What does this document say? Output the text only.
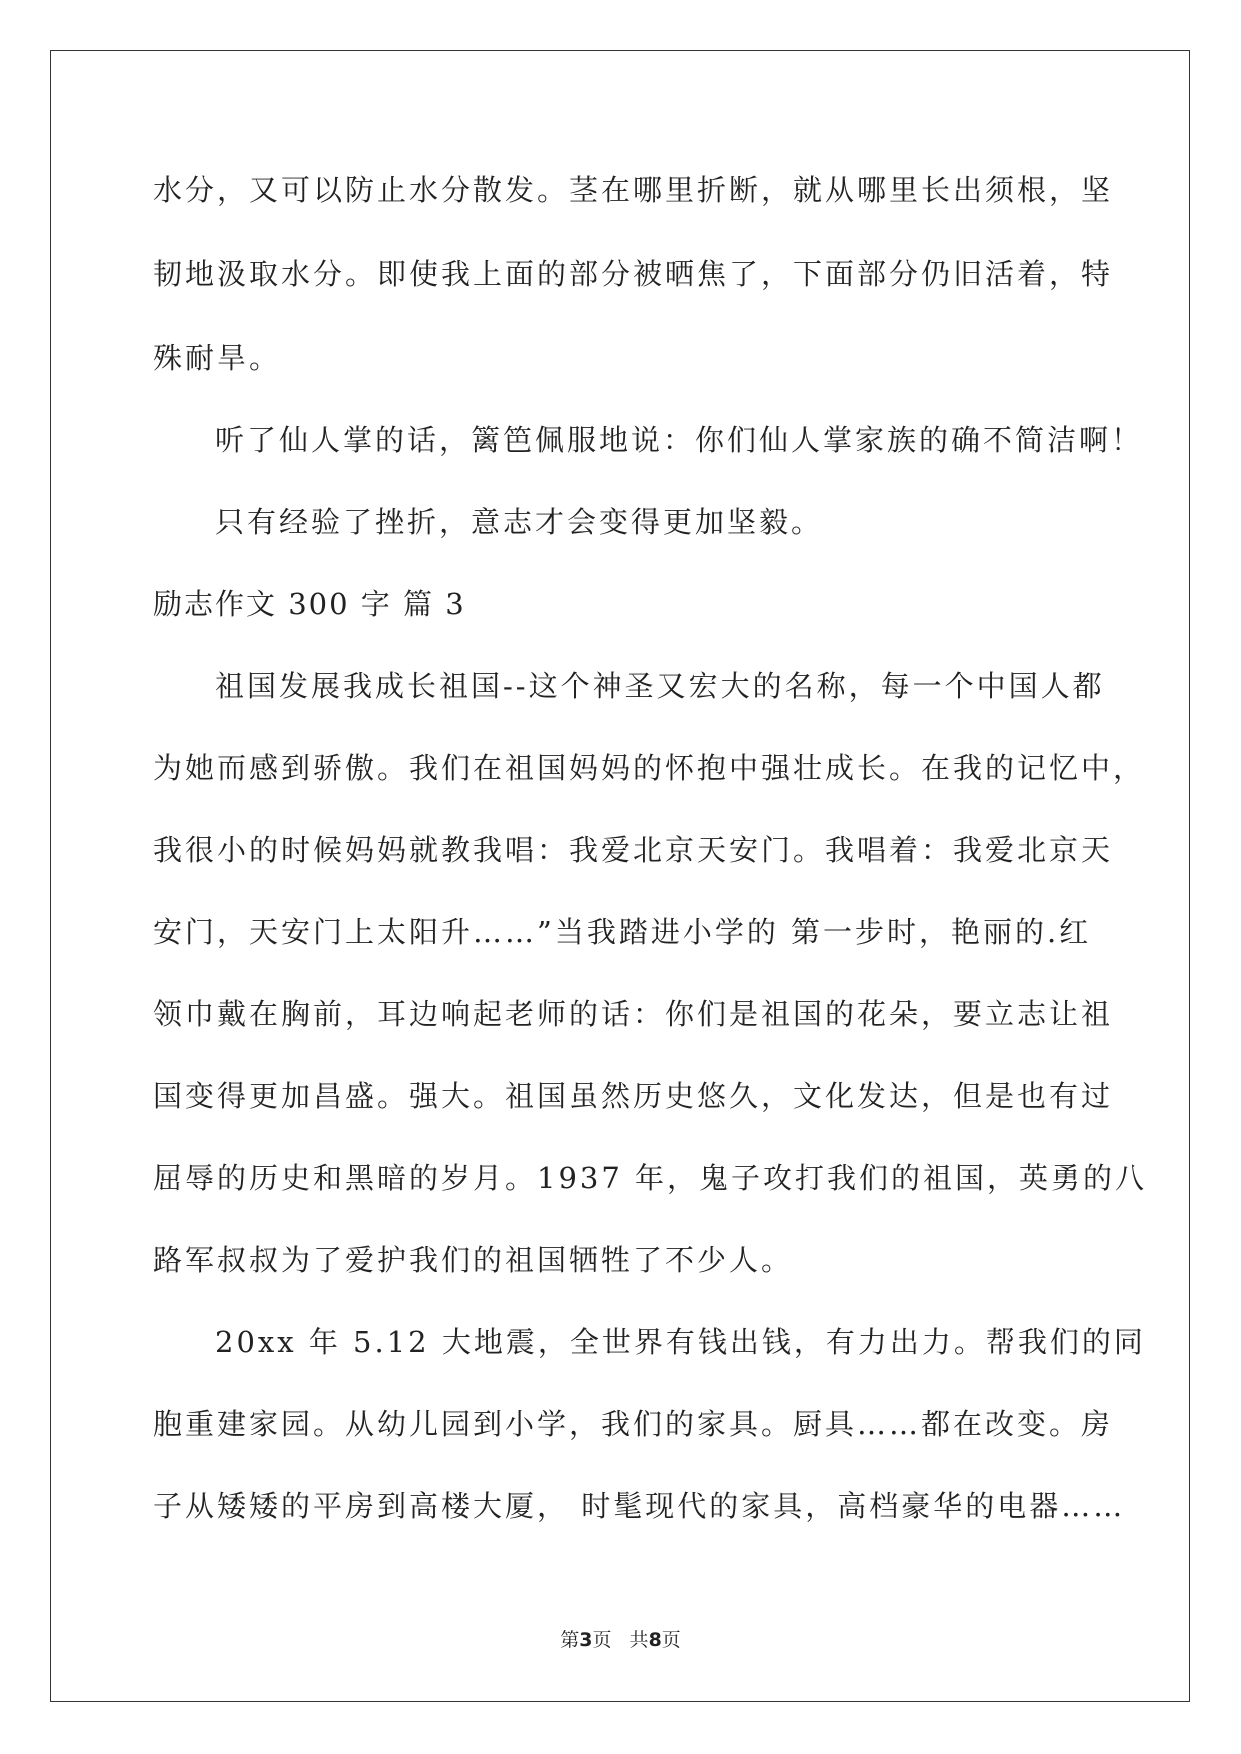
水分，又可以防止水分散发。茎在哪里折断，就从哪里长出须根，坚
韧地汲取水分。即使我上面的部分被晒焦了，下面部分仍旧活着，特
殊耐旱。
听了仙人掌的话，篱笆佩服地说：你们仙人掌家族的确不简洁啊！
只有经验了挫折，意志才会变得更加坚毅。
励志作文 300 字 篇 3
祖国发展我成长祖国--这个神圣又宏大的名称，每一个中国人都
为她而感到骄傲。我们在祖国妈妈的怀抱中强壮成长。在我的记忆中，
我很小的时候妈妈就教我唱：我爱北京天安门。我唱着：我爱北京天
安门，天安门上太阳升……”当我踏进小学的 第一步时，艳丽的.红
领巾戴在胸前，耳边响起老师的话：你们是祖国的花朵，要立志让祖
国变得更加昌盛。强大。祖国虽然历史悠久，文化发达，但是也有过
屈辱的历史和黑暗的岁月。1937 年，鬼子攻打我们的祖国，英勇的八
路军叔叔为了爱护我们的祖国牺牲了不少人。
20xx 年 5.12 大地震，全世界有钱出钱，有力出力。帮我们的同
胞重建家园。从幼儿园到小学，我们的家具。厨具……都在改变。房
子从矮矮的平房到高楼大厦， 时髦现代的家具，高档豪华的电器……
第3页   共8页
